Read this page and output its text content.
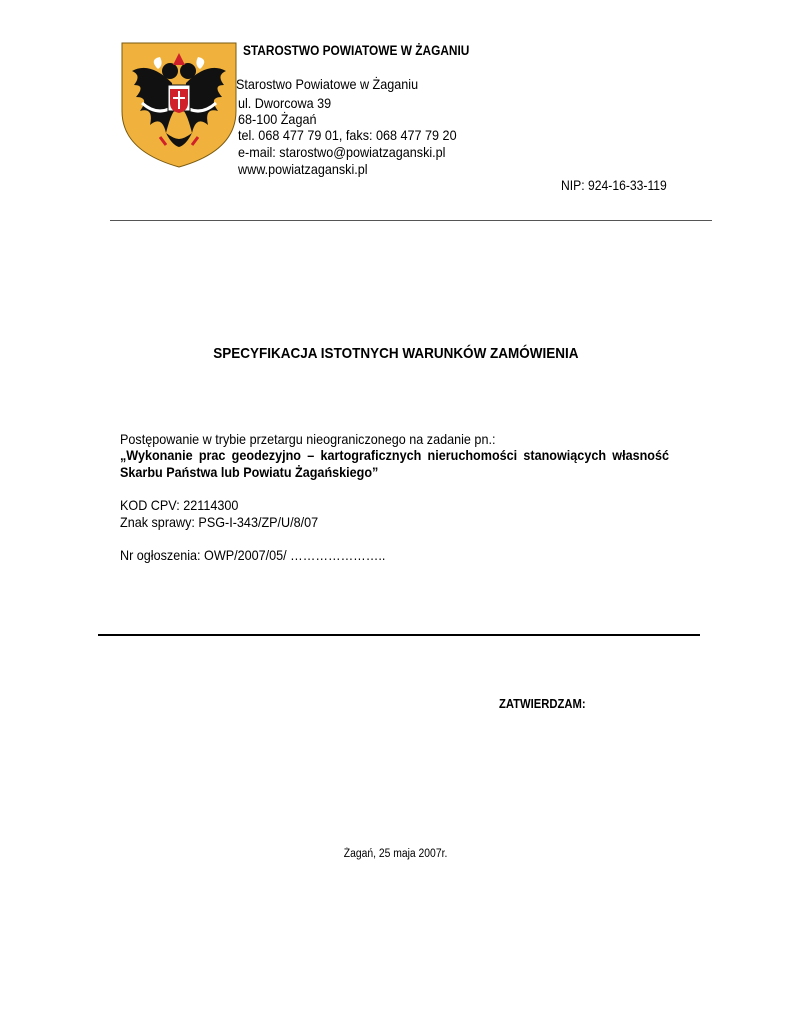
STAROSTWO POWIATOWE W ŻAGANIU
Starostwo Powiatowe w Żaganiu
ul. Dworcowa 39
68-100 Żagań
tel. 068 477 79 01, faks: 068 477 79 20
e-mail: starostwo@powiatzaganski.pl
www.powiatzaganski.pl
NIP: 924-16-33-119
SPECYFIKACJA ISTOTNYCH WARUNKÓW ZAMÓWIENIA
Postępowanie w trybie przetargu nieograniczonego na zadanie pn.:
„Wykonanie prac geodezyjno – kartograficznych nieruchomości stanowiących własność Skarbu Państwa lub Powiatu Żagańskiego”
KOD CPV: 22114300
Znak sprawy: PSG-I-343/ZP/U/8/07
Nr ogłoszenia: OWP/2007/05/ …………………..
ZATWIERDZAM:
Żagań, 25 maja 2007r.
